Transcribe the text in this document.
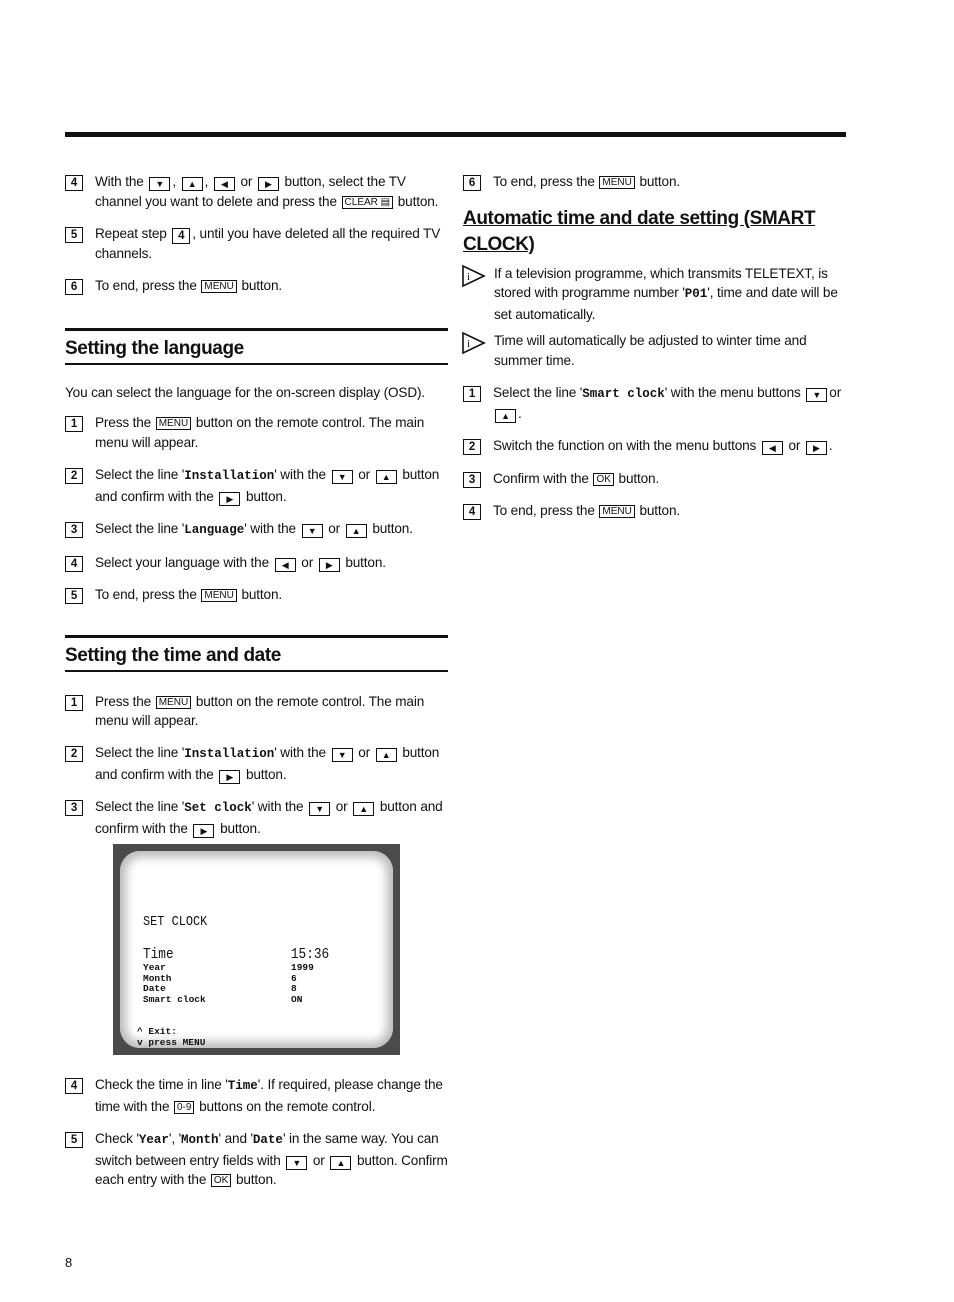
4	With the ▼ , ▲ , ◀ or ▶ button, select the TV channel you want to delete and press the CLEAR ▤ button.
5	Repeat step 4 , until you have deleted all the required TV channels.
6	To end, press the MENU button.
Setting the language

You can select the language for the on-screen display (OSD).

1	Press the MENU button on the remote control. The main menu will appear.
2	Select the line 'Installation' with the ▼ or ▲ button and confirm with the ▶ button.
3	Select the line 'Language' with the ▼ or ▲ button.
4	Select your language with the ◀ or ▶ button.
5	To end, press the MENU button.
Setting the time and date
1	Press the MENU button on the remote control. The main menu will appear.
2	Select the line 'Installation' with the ▼ or ▲ button and confirm with the ▶ button.
3	Select the line 'Set clock' with the ▼ or ▲ button and confirm with the ▶ button.
SET CLOCK
Time	15:36
Year	1999
Month	6
Date	8
Smart clock	ON
^ Exit:
v press MENU
4	Check the time in line 'Time'. If required, please change the time with the 0-9 buttons on the remote control.
5	Check 'Year', 'Month' and 'Date' in the same way. You can switch between entry fields with ▼ or ▲ button. Confirm each entry with the OK button.
6	To end, press the MENU button.
Automatic time and date setting (SMART CLOCK)
i If a television programme, which transmits TELETEXT, is stored with programme number 'P01', time and date will be set automatically.
i Time will automatically be adjusted to winter time and summer time.
1	Select the line 'Smart clock' with the menu buttons ▼ or ▲ .
2	Switch the function on with the menu buttons ◀ or ▶ .
3	Confirm with the OK button.
4	To end, press the MENU button.
8
